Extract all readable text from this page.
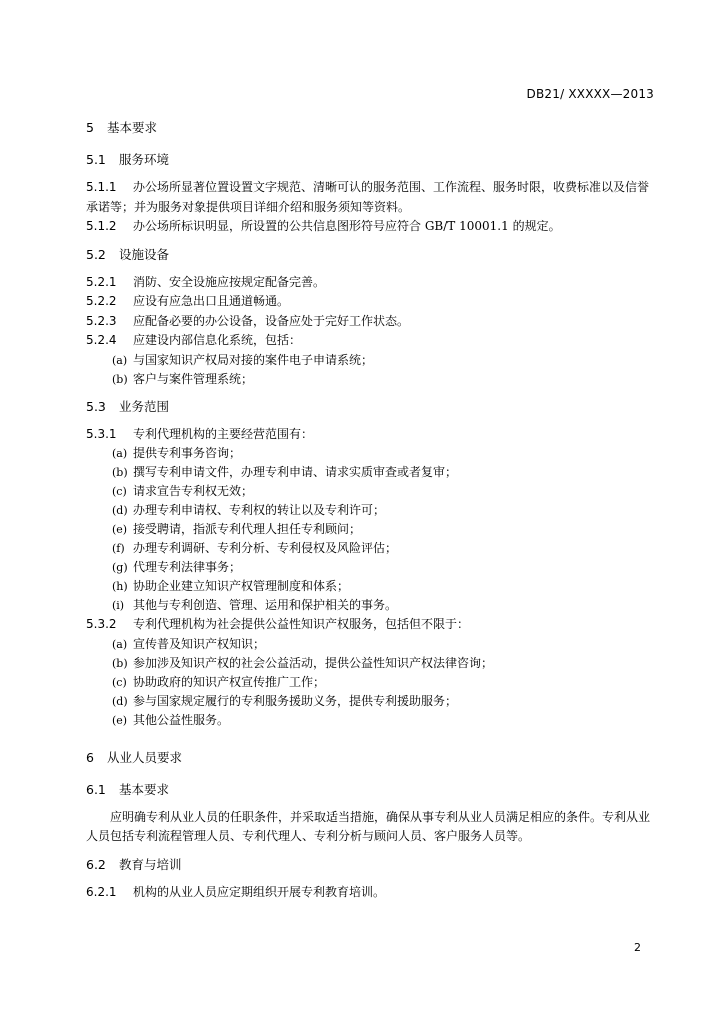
DB21/ XXXXX—2013
5 基本要求
5.1 服务环境

5.1.1 办公场所显著位置设置文字规范、清晰可认的服务范围、工作流程、服务时限，收费标准以及信誉承诺等；并为服务对象提供项目详细介绍和服务须知等资料。

5.1.2 办公场所标识明显，所设置的公共信息图形符号应符合 GB/T 10001.1 的规定。

5.2 设施设备

5.2.1 消防、安全设施应按规定配备完善。

5.2.2 应设有应急出口且通道畅通。

5.2.3 应配备必要的办公设备，设备应处于完好工作状态。

5.2.4 应建设内部信息化系统，包括：

(a) 与国家知识产权局对接的案件电子申请系统；
(b) 客户与案件管理系统；
5.3 业务范围

5.3.1 专利代理机构的主要经营范围有：

(a) 提供专利事务咨询；
(b) 撰写专利申请文件，办理专利申请、请求实质审查或者复审；
(c) 请求宣告专利权无效；
(d) 办理专利申请权、专利权的转让以及专利许可；
(e) 接受聘请，指派专利代理人担任专利顾问；
(f) 办理专利调研、专利分析、专利侵权及风险评估；
(g) 代理专利法律事务；
(h) 协助企业建立知识产权管理制度和体系；
(i) 其他与专利创造、管理、运用和保护相关的事务。

5.3.2 专利代理机构为社会提供公益性知识产权服务，包括但不限于：

(a) 宣传普及知识产权知识；
(b) 参加涉及知识产权的社会公益活动，提供公益性知识产权法律咨询；
(c) 协助政府的知识产权宣传推广工作；
(d) 参与国家规定履行的专利服务援助义务，提供专利援助服务；
(e) 其他公益性服务。
6 从业人员要求
6.1 基本要求

应明确专利从业人员的任职条件，并采取适当措施，确保从事专利从业人员满足相应的条件。专利从业人员包括专利流程管理人员、专利代理人、专利分析与顾问人员、客户服务人员等。

6.2 教育与培训

6.2.1 机构的从业人员应定期组织开展专利教育培训。

2
